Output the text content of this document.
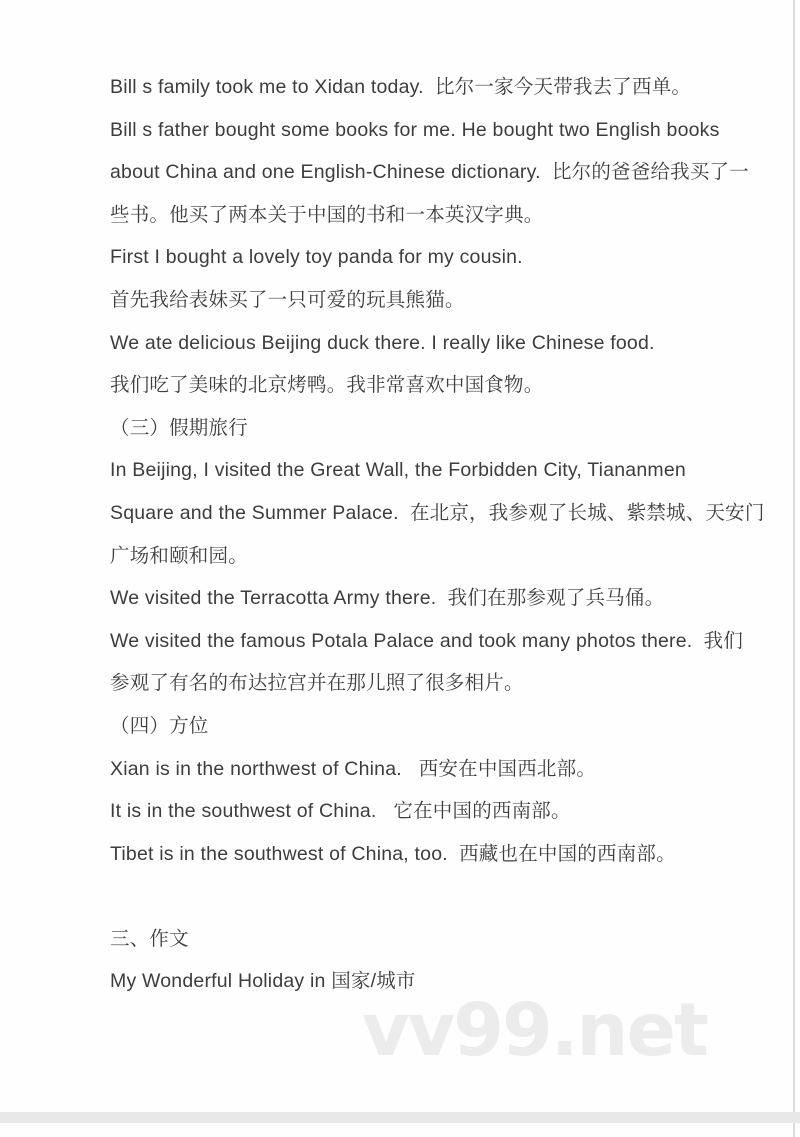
Bill s family took me to Xidan today.  比尔一家今天带我去了西单。
Bill s father bought some books for me. He bought two English books
about China and one English-Chinese dictionary.  比尔的爸爸给我买了一
些书。他买了两本关于中国的书和一本英汉字典。
First I bought a lovely toy panda for my cousin.
首先我给表妹买了一只可爱的玩具熊猫。
We ate delicious Beijing duck there. I really like Chinese food.
我们吃了美味的北京烤鸭。我非常喜欢中国食物。
（三）假期旅行
In Beijing, I visited the Great Wall, the Forbidden City, Tiananmen
Square and the Summer Palace.  在北京，我参观了长城、紫禁城、天安门
广场和颐和园。
We visited the Terracotta Army there.  我们在那参观了兵马俑。
We visited the famous Potala Palace and took many photos there.  我们
参观了有名的布达拉宫并在那儿照了很多相片。
（四）方位
Xian is in the northwest of China.   西安在中国西北部。
It is in the southwest of China.   它在中国的西南部。
Tibet is in the southwest of China, too.  西藏也在中国的西南部。
三、作文
My Wonderful Holiday in 国家/城市
vv99.net
